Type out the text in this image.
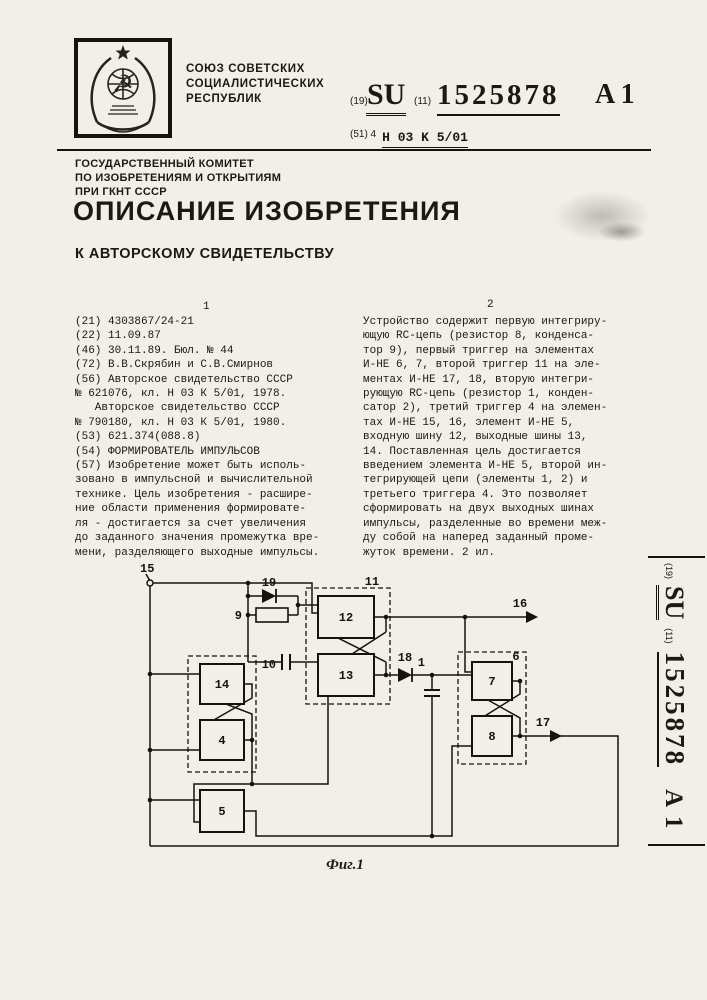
☭
СОЮЗ СОВЕТСКИХ
СОЦИАЛИСТИЧЕСКИХ
РЕСПУБЛИК	(19) SU (11) 1525878 A 1
$^{(51) 4}$ H 03 K 5/01
ГОСУДАРСТВЕННЫЙ КОМИТЕТ
ПО ИЗОБРЕТЕНИЯМ И ОТКРЫТИЯМ
ПРИ ГКНТ СССР
ОПИСАНИЕ ИЗОБРЕТЕНИЯ
К АВТОРСКОМУ СВИДЕТЕЛЬСТВУ
1	2
(21) 4303867/24-21
(22) 11.09.87
(46) 30.11.89. Бюл. № 44
(72) В.В.Скрябин и С.В.Смирнов
(56) Авторское свидетельство СССР
№ 621076, кл. Н 03 К 5/01, 1978.
Авторское свидетельство СССР
№ 790180, кл. Н 03 К 5/01, 1980.
(53) 621.374(088.8)
(54) ФОРМИРОВАТЕЛЬ ИМПУЛЬСОВ
(57) Изобретение может быть исполь-
зовано в импульсной и вычислительной
технике. Цель изобретения - расшире-
ние области применения формировате-
ля - достигается за счет увеличения
до заданного значения промежутка вре-
мени, разделяющего выходные импульсы.
Устройство содержит первую интегриру-
ющую RC-цепь (резистор 8, конденса-
тор 9), первый триггер на элементах
И-НЕ 6, 7, второй триггер 11 на эле-
ментах И-НЕ 17, 18, вторую интегри-
рующую RC-цепь (резистор 1, конден-
сатор 2), третий триггер 4 на элемен-
тах И-НЕ 15, 16, элемент И-НЕ 5,
входную шину 12, выходные шины 13,
14. Поставленная цель достигается
введением элемента И-НЕ 5, второй ин-
тегрирующей цепи (элементы 1, 2) и
третьего триггера 4. Это позволяет
сформировать на двух выходных шинах
импульсы, разделенные во времени меж-
ду собой на наперед заданный проме-
жуток времени. 2 ил.
15
19
9
10
12
13
11
16
18 1	6
7
8
17
14
4
5
Фиг.1
(19)
SU
(11)
1525878
A 1
